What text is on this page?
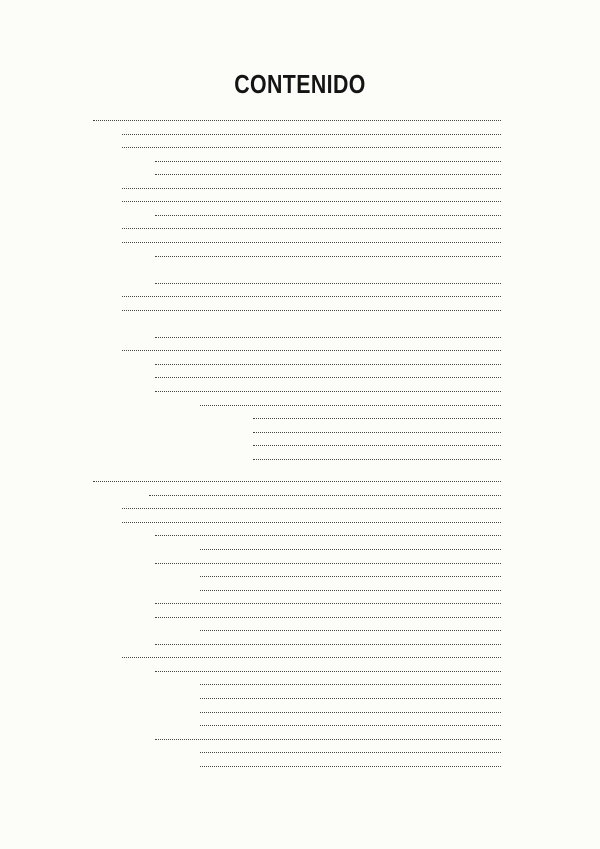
CONTENIDO
